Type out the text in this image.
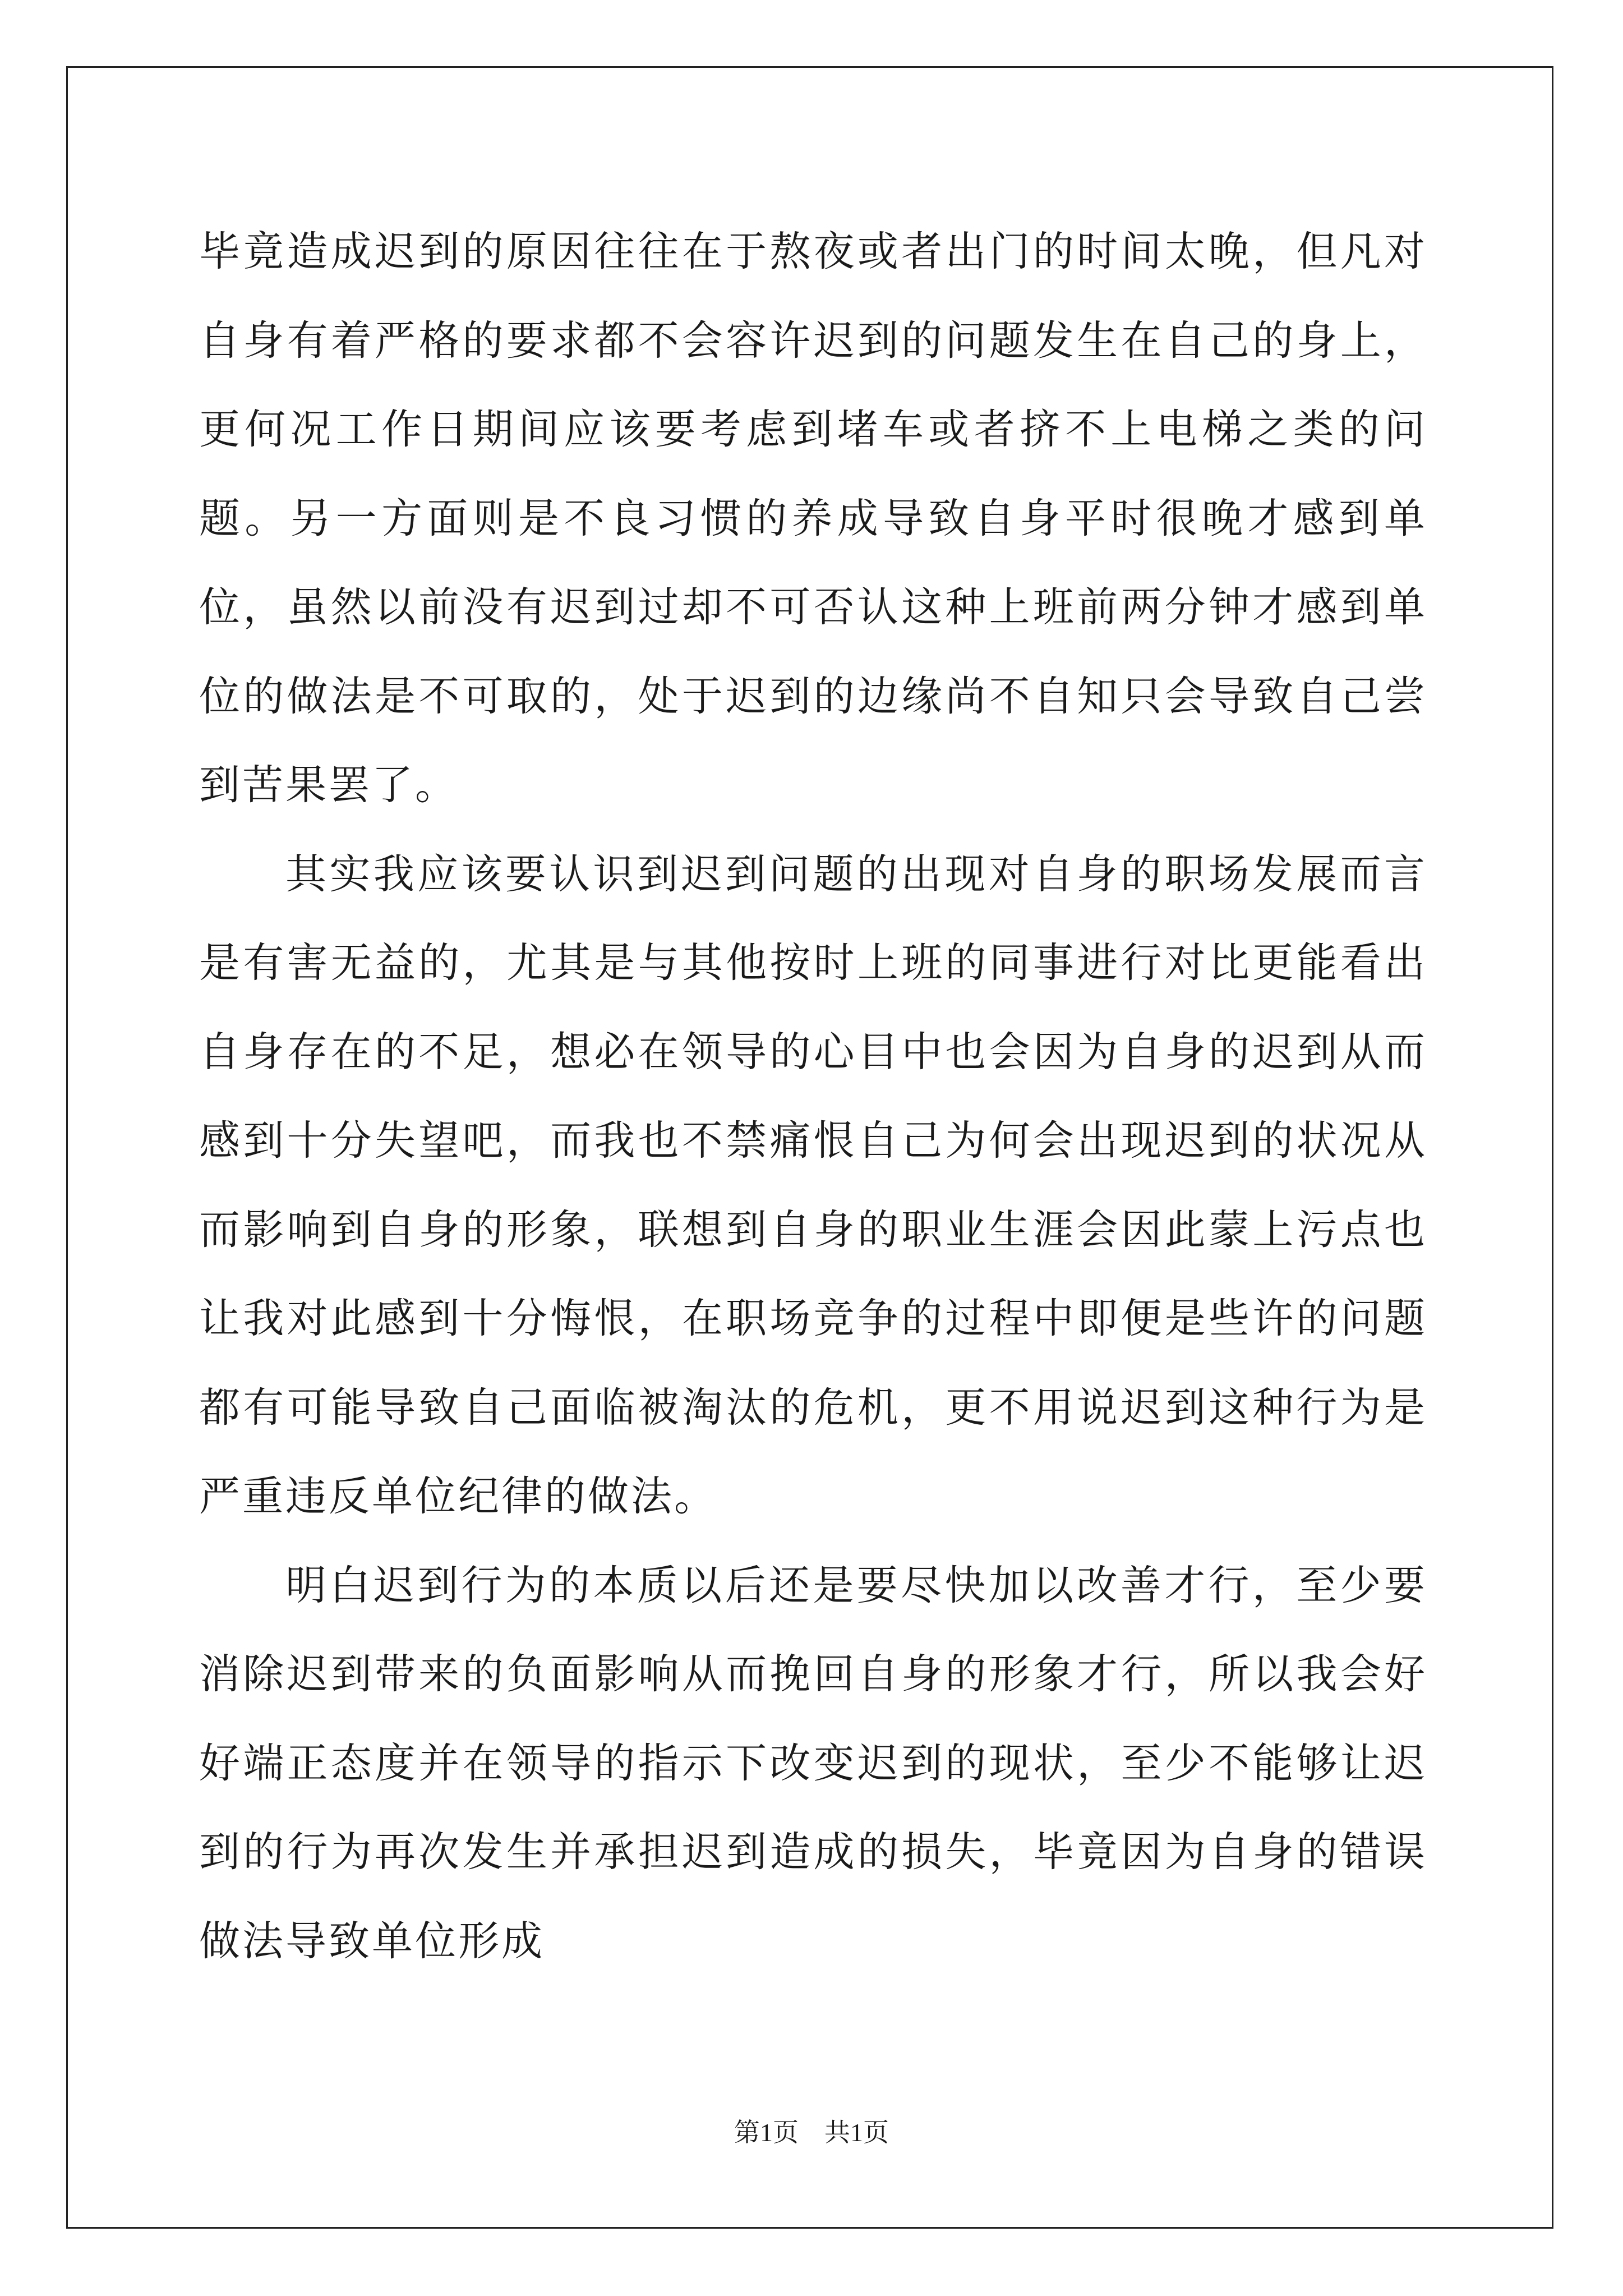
毕竟造成迟到的原因往往在于熬夜或者出门的时间太晚，但凡对自身有着严格的要求都不会容许迟到的问题发生在自己的身上，更何况工作日期间应该要考虑到堵车或者挤不上电梯之类的问题。另一方面则是不良习惯的养成导致自身平时很晚才感到单位，虽然以前没有迟到过却不可否认这种上班前两分钟才感到单位的做法是不可取的，处于迟到的边缘尚不自知只会导致自己尝到苦果罢了。

其实我应该要认识到迟到问题的出现对自身的职场发展而言是有害无益的，尤其是与其他按时上班的同事进行对比更能看出自身存在的不足，想必在领导的心目中也会因为自身的迟到从而感到十分失望吧，而我也不禁痛恨自己为何会出现迟到的状况从而影响到自身的形象，联想到自身的职业生涯会因此蒙上污点也让我对此感到十分悔恨，在职场竞争的过程中即便是些许的问题都有可能导致自己面临被淘汰的危机，更不用说迟到这种行为是严重违反单位纪律的做法。

明白迟到行为的本质以后还是要尽快加以改善才行，至少要消除迟到带来的负面影响从而挽回自身的形象才行，所以我会好好端正态度并在领导的指示下改变迟到的现状，至少不能够让迟到的行为再次发生并承担迟到造成的损失，毕竟因为自身的错误做法导致单位形成

第1页　共1页
